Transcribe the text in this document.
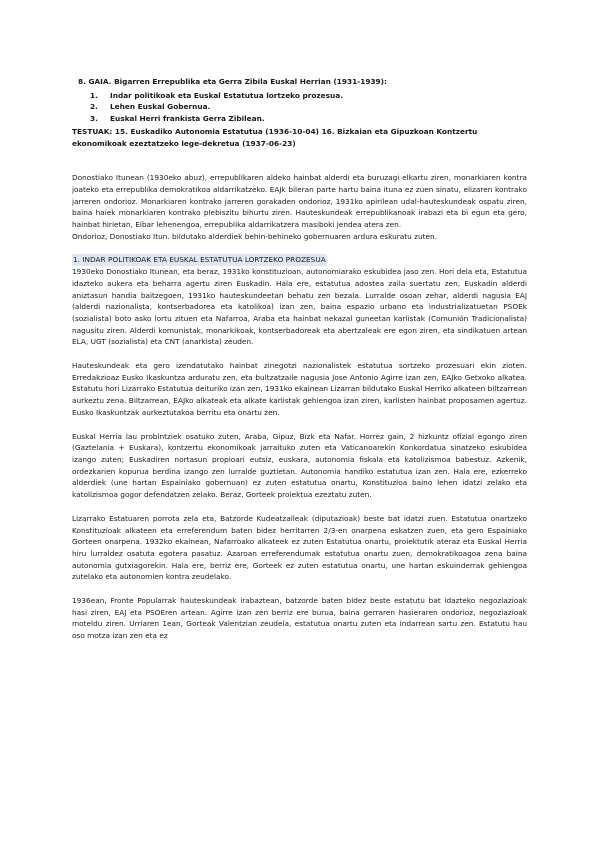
8. GAIA. Bigarren Errepublika eta Gerra Zibila Euskal Herrian (1931-1939):
1.	Indar politikoak eta Euskal Estatutua lortzeko prozesua.
2.	Lehen Euskal Gobernua.
3.	Euskal Herri frankista Gerra Zibilean.
TESTUAK: 15. Euskadiko Autonomia Estatutua (1936-10-04) 16. Bizkaian eta Gipuzkoan Kontzertu ekonomikoak ezeztatzeko lege-dekretua (1937-06-23)

Donostiako Itunean (1930eko abuz), errepublikaren aldeko hainbat alderdi eta buruzagi elkartu ziren, monarkiaren kontra joateko eta errepublika demokratikoa aldarrikatzeko. EAJk bileran parte hartu baina ituna ez zuen sinatu, elizaren kontrako jarreren ondorioz. Monarkiaren kontrako jarreren gorakaden ondorioz, 1931ko apirilean udal-hauteskundeak ospatu ziren, baina haiek monarkiaren kontrako plebiszitu bihurtu ziren. Hauteskundeak errepublikanoak irabazi eta bi egun eta gero, hainbat hirietan, Eibar lehenengoa, errepublika aldarrikatzera masiboki jendea atera zen.

Ondorioz, Donostiako Itun. bildutako alderdiek behin-behineko gobernuaren ardura eskuratu zuten.

1. INDAR POLITIKOAK ETA EUSKAL ESTATUTUA LORTZEKO PROZESUA

1930eko Donostiako Itunean, eta beraz, 1931ko konstituzioan, autonomiarako eskubidea jaso zen. Hori dela eta, Estatutua idazteko aukera eta beharra agertu ziren Euskadin. Hala ere, estatutua adostea zaila suertatu zen, Euskadin alderdi aniztasun handia baitzegoen, 1931ko hauteskundeetan behatu zen bezala. Lurralde osoan zehar, alderdi nagusia EAJ (alderdi nazionalista, kontserbadorea eta katolikoa) izan zen, baina espazio urbano eta industrializatuetan PSOEk (sozialista) boto asko lortu zituen eta Nafarroa, Araba eta hainbat nekazal guneetan karlistak (Comunión Tradicionalista) nagusitu ziren. Alderdi komunistak, monarkikoak, kontserbadoreak eta abertzaleak ere egon ziren, eta sindikatuen artean ELA, UGT (sozialista) eta CNT (anarkista) zeuden.

Hauteskundeak eta gero izendatutako hainbat zinegotzi nazionalistek estatutua sortzeko prozesuari ekin zioten. Erredakzioaz Eusko Ikaskuntza arduratu zen, eta bultzatzaile nagusia Jose Antonio Agirre izan zen, EAJko Getxoko alkatea. Estatutu hori Lizarrako Estatutua deituriko izan zen, 1931ko ekainean Lizarran bildutako Euskal Herriko alkateen biltzarrean aurkeztu zena. Biltzarrean, EAJko alkateak eta alkate karlistak gehiengoa izan ziren, karlisten hainbat proposamen agertuz. Eusko Ikaskuntzak aurkeztutakoa berritu eta onartu zen.

Euskal Herria lau probintziek osatuko zuten, Araba, Gipuz, Bizk eta Nafar. Horrez gain, 2 hizkuntz ofizial egongo ziren (Gaztelania + Euskara), kontzertu ekonomikoak jarraituko zuten eta Vaticanoarekin Konkordatua sinatzeko eskubidea izango zuten; Euskadiren nortasun propioari eutsiz, euskara, autonomia fiskala eta katolizismoa babestuz. Azkenik, ordezkarien kopurua berdina izango zen lurralde guztietan. Autonomia handiko estatutua izan zen. Hala ere, ezkerreko alderdiek (une hartan Espainiako gobernuan) ez zuten estatutua onartu, Konstituzioa baino lehen idatzi zelako eta katolizismoa gogor defendatzen zelako. Beraz, Gorteek proiektua ezeztatu zuten.

Lizarrako Estatuaren porrota zela eta, Batzorde Kudeatzaileak (diputazioak) beste bat idatzi zuen. Estatutua onartzeko Konstituzioak alkateen eta erreferendum baten bidez herritarren 2/3-en onarpena eskatzen zuen, eta gero Espainiako Gorteen onarpena. 1932ko ekainean, Nafarroako alkateek ez zuten Estatutua onartu, proiektutik ateraz eta Euskal Herria hiru lurraldez osatuta egotera pasatuz. Azaroan erreferendumak estatutua onartu zuen, demokratikoagoa zena baina autonomia gutxiagorekin. Hala ere, berriz ere, Gorteek ez zuten estatutua onartu, une hartan eskuinderrak gehiengoa zutelako eta autonomien kontra zeudelako.

1936ean, Fronte Popularrak hauteskundeak irabaztean, batzorde baten bidez beste estatutu bat idazteko negoziazioak hasi ziren, EAJ eta PSOEren artean. Agirre izan zen berriz ere burua, baina gerraren hasieraren ondorioz, negoziazioak moteldu ziren. Urriaren 1ean, Gorteak Valentzian zeudela, estatutua onartu zuten eta indarrean sartu zen. Estatutu hau oso motza izan zen eta ez
